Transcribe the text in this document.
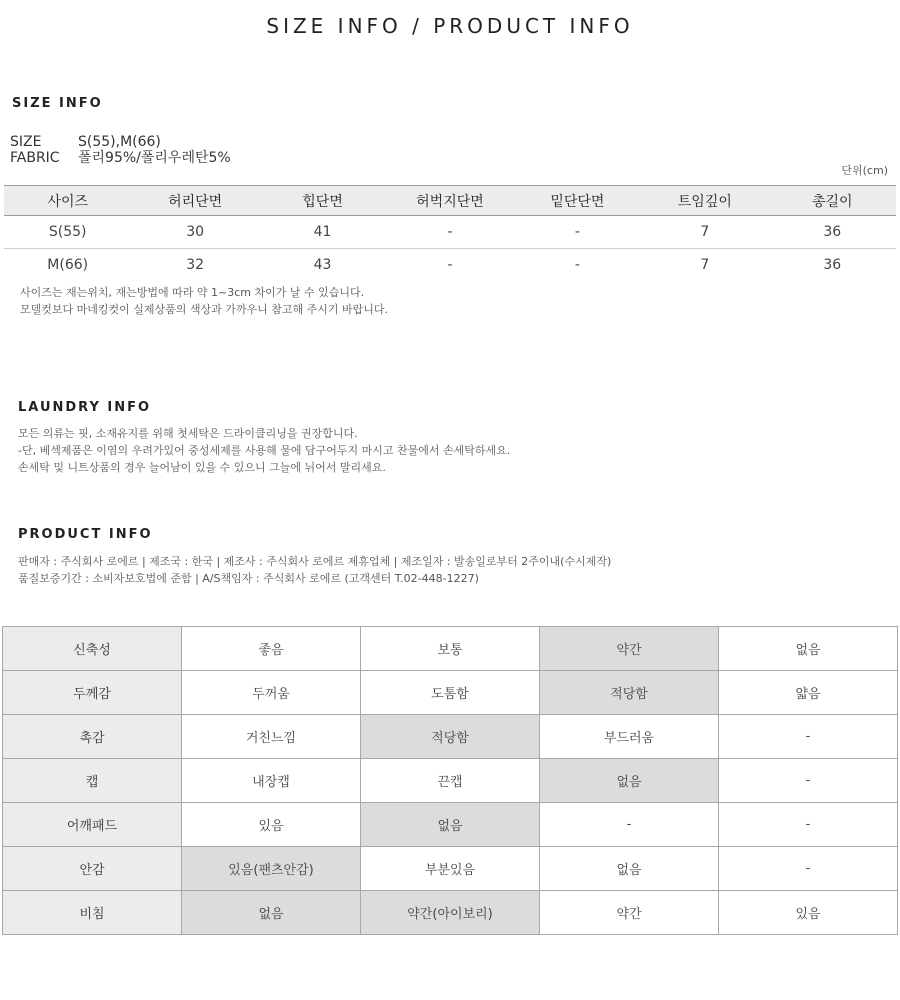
SIZE INFO / PRODUCT INFO
SIZE INFO
SIZE	S(55),M(66)
FABRIC 폴리95%/폴리우레탄5%
단위(cm)
사이즈	허리단면	힙단면	허벅지단면	밑단단면	트임깊이	총길이
S(55)	30	41	-	-	7	36
M(66)	32	43	-	-	7	36
사이즈는 재는위치, 재는방법에 따라 약 1~3cm 차이가 날 수 있습니다.
모델컷보다 마네킹컷이 실제상품의 색상과 가까우니 참고해 주시기 바랍니다.
LAUNDRY INFO
모든 의류는 핏, 소재유지를 위해 첫세탁은 드라이클리닝을 권장합니다.
-단, 베섹제품은 이염의 우려가있어 중성세제를 사용해 물에 담구어두지 마시고 찬물에서 손세탁하세요.
손세탁 및 니트상품의 경우 늘어남이 있을 수 있으니 그늘에 뉘어서 말리세요.
PRODUCT INFO
판매자 : 주식회사 로에르 | 제조국 : 한국 | 제조사 : 주식회사 로에르 제휴업체 | 제조일자 : 발송일로부터 2주이내(수시제작)
품질보증기간 : 소비자보호법에 준함 | A/S책임자 : 주식회사 로에르 (고객센터 T.02-448-1227)
신축성	좋음	보통	약간	없음
두께감	두꺼움	도톰함	적당함	얇음
촉감	거친느낌	적당함	부드러움	-
캡	내장캡	끈캡	없음	-
어깨패드	있음	없음	-	-
안감	있음(팬츠안감)	부분있음	없음	-
비침	없음	약간(아이보리)	약간	있음
